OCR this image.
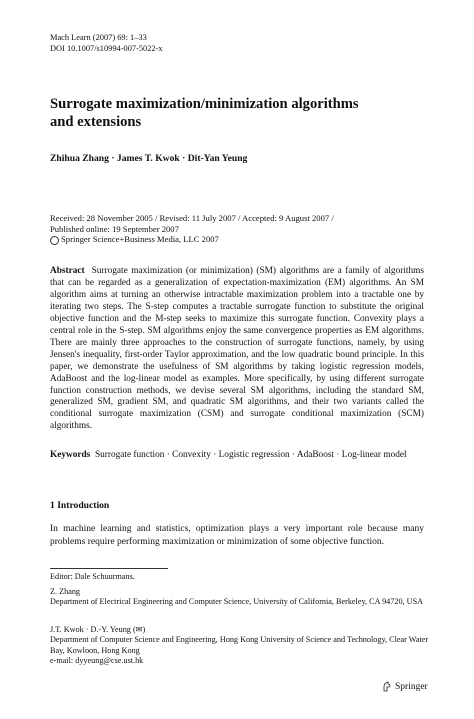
Mach Learn (2007) 69: 1–33
DOI 10.1007/s10994-007-5022-x
Surrogate maximization/minimization algorithms
and extensions
Zhihua Zhang · James T. Kwok · Dit-Yan Yeung
Received: 28 November 2005 / Revised: 11 July 2007 / Accepted: 9 August 2007 /
Published online: 19 September 2007
Springer Science+Business Media, LLC 2007
Abstract Surrogate maximization (or minimization) (SM) algorithms are a family of algorithms that can be regarded as a generalization of expectation-maximization (EM) algorithms. An SM algorithm aims at turning an otherwise intractable maximization problem into a tractable one by iterating two steps. The S-step computes a tractable surrogate function to substitute the original objective function and the M-step seeks to maximize this surrogate function. Convexity plays a central role in the S-step. SM algorithms enjoy the same convergence properties as EM algorithms. There are mainly three approaches to the construction of surrogate functions, namely, by using Jensen's inequality, first-order Taylor approximation, and the low quadratic bound principle. In this paper, we demonstrate the usefulness of SM algorithms by taking logistic regression models, AdaBoost and the log-linear model as examples. More specifically, by using different surrogate function construction methods, we devise several SM algorithms, including the standard SM, generalized SM, gradient SM, and quadratic SM algorithms, and their two variants called the conditional surrogate maximization (CSM) and surrogate conditional maximization (SCM) algorithms.
Keywords Surrogate function · Convexity · Logistic regression · AdaBoost · Log-linear model
1 Introduction
In machine learning and statistics, optimization plays a very important role because many problems require performing maximization or minimization of some objective function.
Editor: Dale Schuurmans.
Z. Zhang
Department of Electrical Engineering and Computer Science, University of California, Berkeley, CA 94720, USA
J.T. Kwok · D.-Y. Yeung (✉)
Department of Computer Science and Engineering, Hong Kong University of Science and Technology, Clear Water Bay, Kowloon, Hong Kong
e-mail: dyyeung@cse.ust.hk
Springer
